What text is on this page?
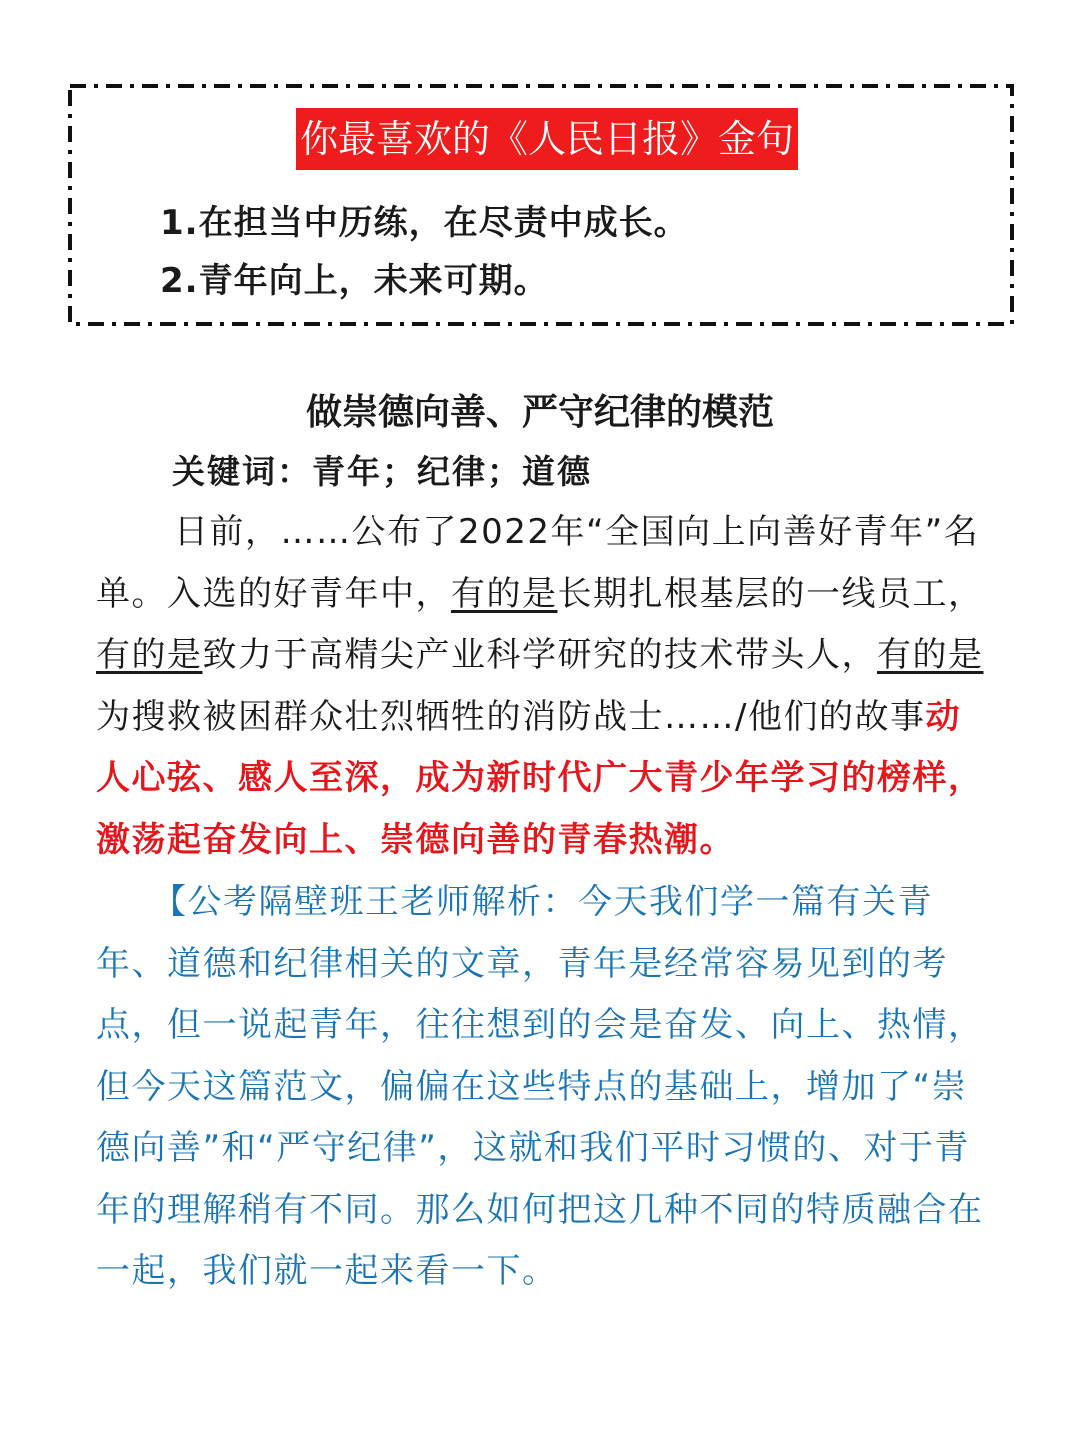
你最喜欢的《人民日报》金句
1.在担当中历练，在尽责中成长。
2.青年向上，未来可期。
做崇德向善、严守纪律的模范
关键词：青年；纪律；道德

日前，……公布了2022年“全国向上向善好青年”名单。入选的好青年中，有的是长期扎根基层的一线员工，有的是致力于高精尖产业科学研究的技术带头人，有的是为搜救被困群众壮烈牺牲的消防战士……/他们的故事动人心弦、感人至深，成为新时代广大青少年学习的榜样，激荡起奋发向上、崇德向善的青春热潮。

【公考隔壁班王老师解析：今天我们学一篇有关青年、道德和纪律相关的文章，青年是经常容易见到的考点，但一说起青年，往往想到的会是奋发、向上、热情，但今天这篇范文，偏偏在这些特点的基础上，增加了“崇德向善”和“严守纪律”，这就和我们平时习惯的、对于青年的理解稍有不同。那么如何把这几种不同的特质融合在一起，我们就一起来看一下。
